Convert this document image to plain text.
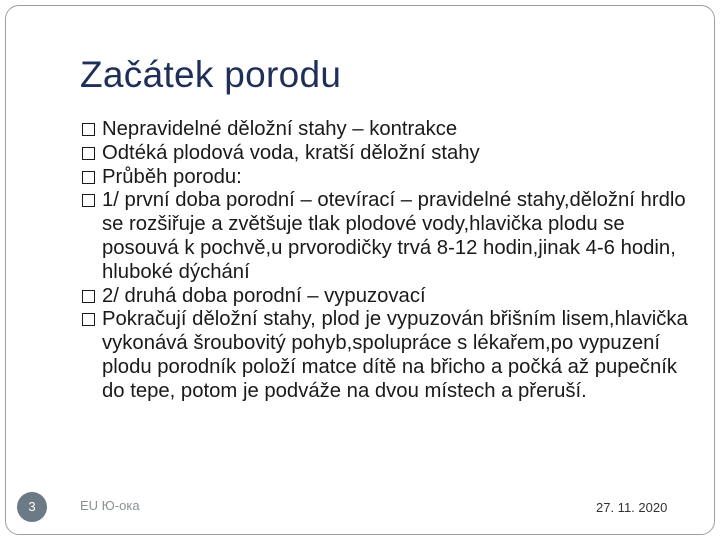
Začátek porodu
Nepravidelné děložní stahy – kontrakce
Odtéká plodová voda, kratší děložní stahy
Průběh porodu:
1/ první doba porodní – otevírací – pravidelné stahy,děložní hrdlo se rozšiřuje a zvětšuje tlak plodové vody,hlavička plodu se posouvá k pochvě,u prvorodičky trvá 8-12 hodin,jinak 4-6 hodin, hluboké dýchání
2/ druhá doba porodní – vypuzovací
Pokračují děložní stahy, plod je vypuzován břišním lisem,hlavička vykonává šroubovitý pohyb,spolupráce s lékařem,po vypuzení plodu porodník položí matce dítě na břicho a počká až pupečník do tepe, potom je podváže na dvou místech a přeruší.
EU Ю-ока
3	27. 11. 2020
